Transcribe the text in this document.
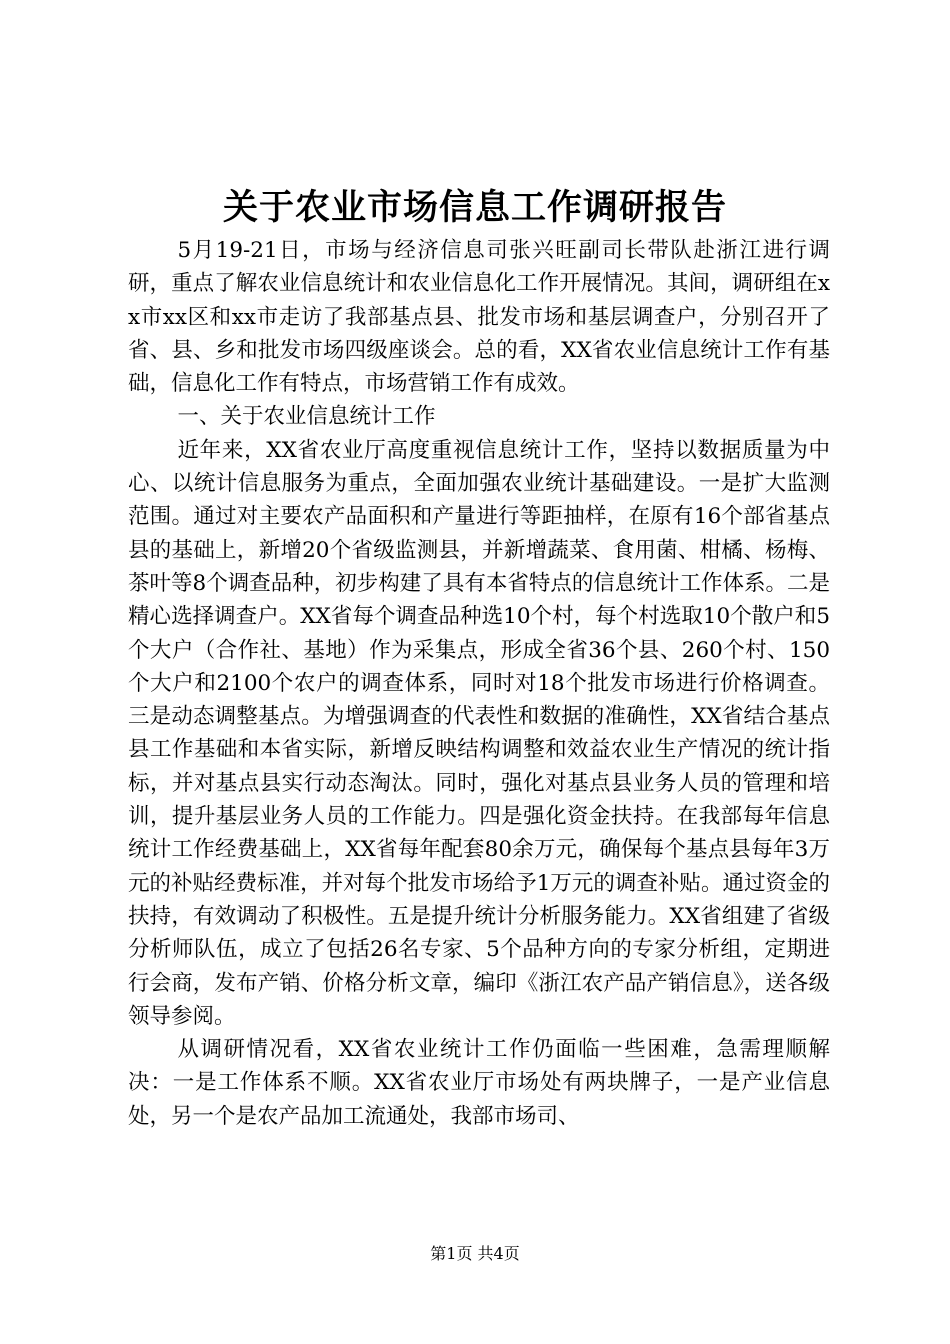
关于农业市场信息工作调研报告

5月19-21日，市场与经济信息司张兴旺副司长带队赴浙江进行调研，重点了解农业信息统计和农业信息化工作开展情况。其间，调研组在xx市xx区和xx市走访了我部基点县、批发市场和基层调查户，分别召开了省、县、乡和批发市场四级座谈会。总的看，XX省农业信息统计工作有基础，信息化工作有特点，市场营销工作有成效。

一、关于农业信息统计工作

近年来，XX省农业厅高度重视信息统计工作，坚持以数据质量为中心、以统计信息服务为重点，全面加强农业统计基础建设。一是扩大监测范围。通过对主要农产品面积和产量进行等距抽样，在原有16个部省基点县的基础上，新增20个省级监测县，并新增蔬菜、食用菌、柑橘、杨梅、茶叶等8个调查品种，初步构建了具有本省特点的信息统计工作体系。二是精心选择调查户。XX省每个调查品种选10个村，每个村选取10个散户和5个大户（合作社、基地）作为采集点，形成全省36个县、260个村、150个大户和2100个农户的调查体系，同时对18个批发市场进行价格调查。三是动态调整基点。为增强调查的代表性和数据的准确性，XX省结合基点县工作基础和本省实际，新增反映结构调整和效益农业生产情况的统计指标，并对基点县实行动态淘汰。同时，强化对基点县业务人员的管理和培训，提升基层业务人员的工作能力。四是强化资金扶持。在我部每年信息统计工作经费基础上，XX省每年配套80余万元，确保每个基点县每年3万元的补贴经费标准，并对每个批发市场给予1万元的调查补贴。通过资金的扶持，有效调动了积极性。五是提升统计分析服务能力。XX省组建了省级分析师队伍，成立了包括26名专家、5个品种方向的专家分析组，定期进行会商，发布产销、价格分析文章，编印《浙江农产品产销信息》，送各级领导参阅。

从调研情况看，XX省农业统计工作仍面临一些困难，急需理顺解决：一是工作体系不顺。XX省农业厅市场处有两块牌子，一是产业信息处，另一个是农产品加工流通处，我部市场司、

第1页 共4页
